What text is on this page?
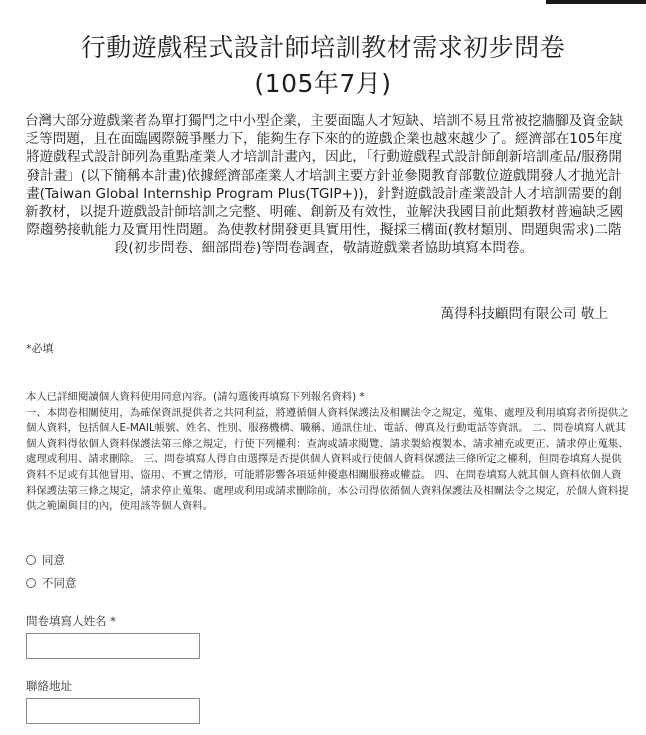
行動遊戲程式設計師培訓教材需求初步問卷
(105年7月)

台灣大部分遊戲業者為單打獨鬥之中小型企業，主要面臨人才短缺、培訓不易且常被挖牆腳及資金缺乏等問題，且在面臨國際競爭壓力下，能夠生存下來的的遊戲企業也越來越少了。經濟部在105年度將遊戲程式設計師列為重點產業人才培訓計畫內，因此，「行動遊戲程式設計師創新培訓產品/服務開發計畫」(以下簡稱本計畫)依據經濟部產業人才培訓主要方針並參閱教育部數位遊戲開發人才拋光計畫(Taiwan Global Internship Program Plus(TGIP+))，針對遊戲設計產業設計人才培訓需要的創新教材，以提升遊戲設計師培訓之完整、明確、創新及有效性，並解決我國目前此類教材普遍缺乏國際趨勢接軌能力及實用性問題。為使教材開發更具實用性，擬採三構面(教材類別、問題與需求)二階段(初步問卷、細部問卷)等問卷調查，敬請遊戲業者協助填寫本問卷。

萬得科技顧問有限公司 敬上
*必填

本人已詳細閱讀個人資料使用同意內容。(請勾選後再填寫下列報名資料) *
一、本問卷相關使用，為確保資訊提供者之共同利益，將遵循個人資料保護法及相關法令之規定，蒐集、處理及利用填寫者所提供之個人資料，包括個人E-MAIL帳號、姓名、性別、服務機構、職稱、通訊住址、電話、傳真及行動電話等資訊。 二、問卷填寫人就其個人資料得依個人資料保護法第三條之規定，行使下列權利：查詢或請求閱覽、請求製給複製本、請求補充或更正、請求停止蒐集、處理或利用、請求刪除。 三、問卷填寫人得自由選擇是否提供個人資料或行使個人資料保護法三條所定之權利，但問卷填寫人提供資料不足或有其他冒用、盜用、不實之情形，可能將影響各項延伸優惠相關服務或權益。 四、在問卷填寫人就其個人資料依個人資料保護法第三條之規定，請求停止蒐集、處理或利用或請求刪除前，本公司得依循個人資料保護法及相關法令之規定，於個人資料提供之範圍與目的內，使用該等個人資料。

同意
不同意
問卷填寫人姓名 *
聯絡地址
